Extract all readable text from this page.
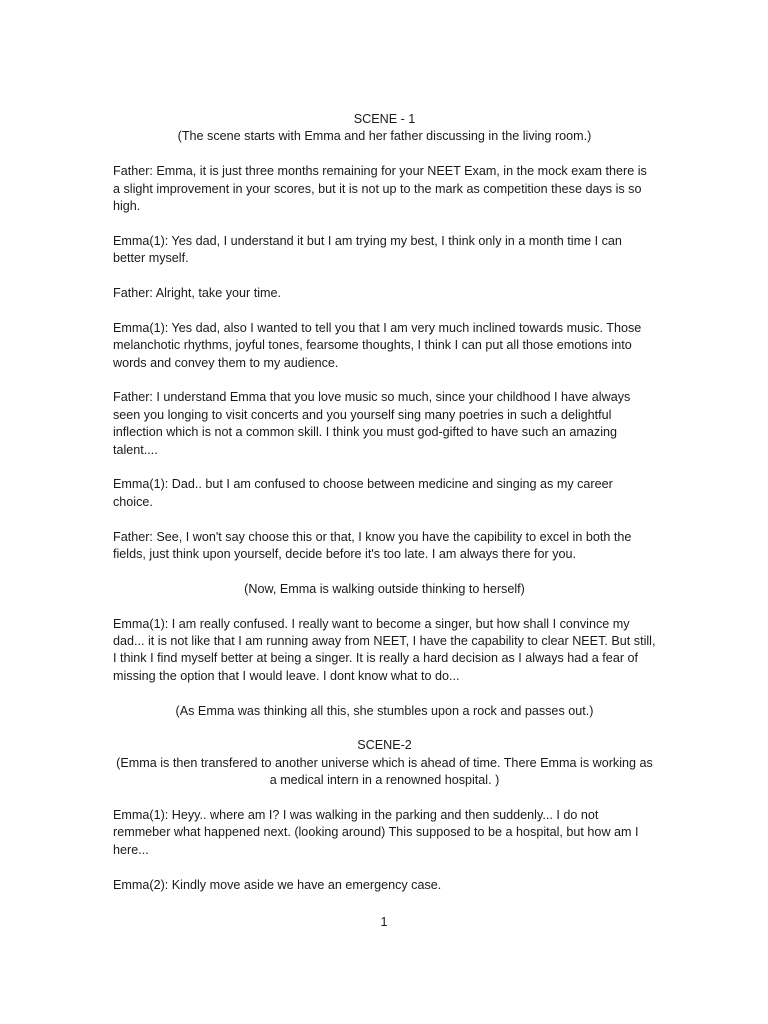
SCENE - 1

(The scene starts with Emma and her father discussing in the living room.)

Father: Emma, it is just three months remaining for your NEET Exam, in the mock exam there is a slight improvement in your scores, but it is not up to the mark as competition these days is so high.

Emma(1): Yes dad, I understand it but I am trying my best, I think only in a month time I can better myself.

Father: Alright, take your time.

Emma(1): Yes dad, also I wanted to tell you that I am very much inclined towards music. Those melanchotic rhythms, joyful tones, fearsome thoughts, I think I can put all those emotions into words and convey them to my audience.

Father: I understand Emma that you love music so much, since your childhood I have always seen you longing to visit concerts and you yourself sing many poetries in such a delightful inflection which is not a common skill. I think you must god-gifted to have such an amazing talent....

Emma(1): Dad.. but I am confused to choose between medicine and singing as my career choice.

Father: See, I won't say choose this or that, I know you have the capibility to excel in both the fields, just think upon yourself, decide before it's too late. I am always there for you.

(Now, Emma is walking outside thinking to herself)

Emma(1): I am really confused. I really want to become a singer, but how shall I convince my dad... it is not like that I am running away from NEET, I have the capability to clear NEET. But still, I think I find myself better at being a singer. It is really a hard decision as I always had a fear of missing the option that I would leave. I dont know what to do...

(As Emma was thinking all this, she stumbles upon a rock and passes out.)

SCENE-2

(Emma is then transfered to another universe which is ahead of time. There Emma is working as a medical intern in a renowned hospital. )

Emma(1): Heyy.. where am I? I was walking in the parking and then suddenly... I do not remmeber what happened next. (looking around) This supposed to be a hospital, but how am I here...

Emma(2): Kindly move aside we have an emergency case.

1
